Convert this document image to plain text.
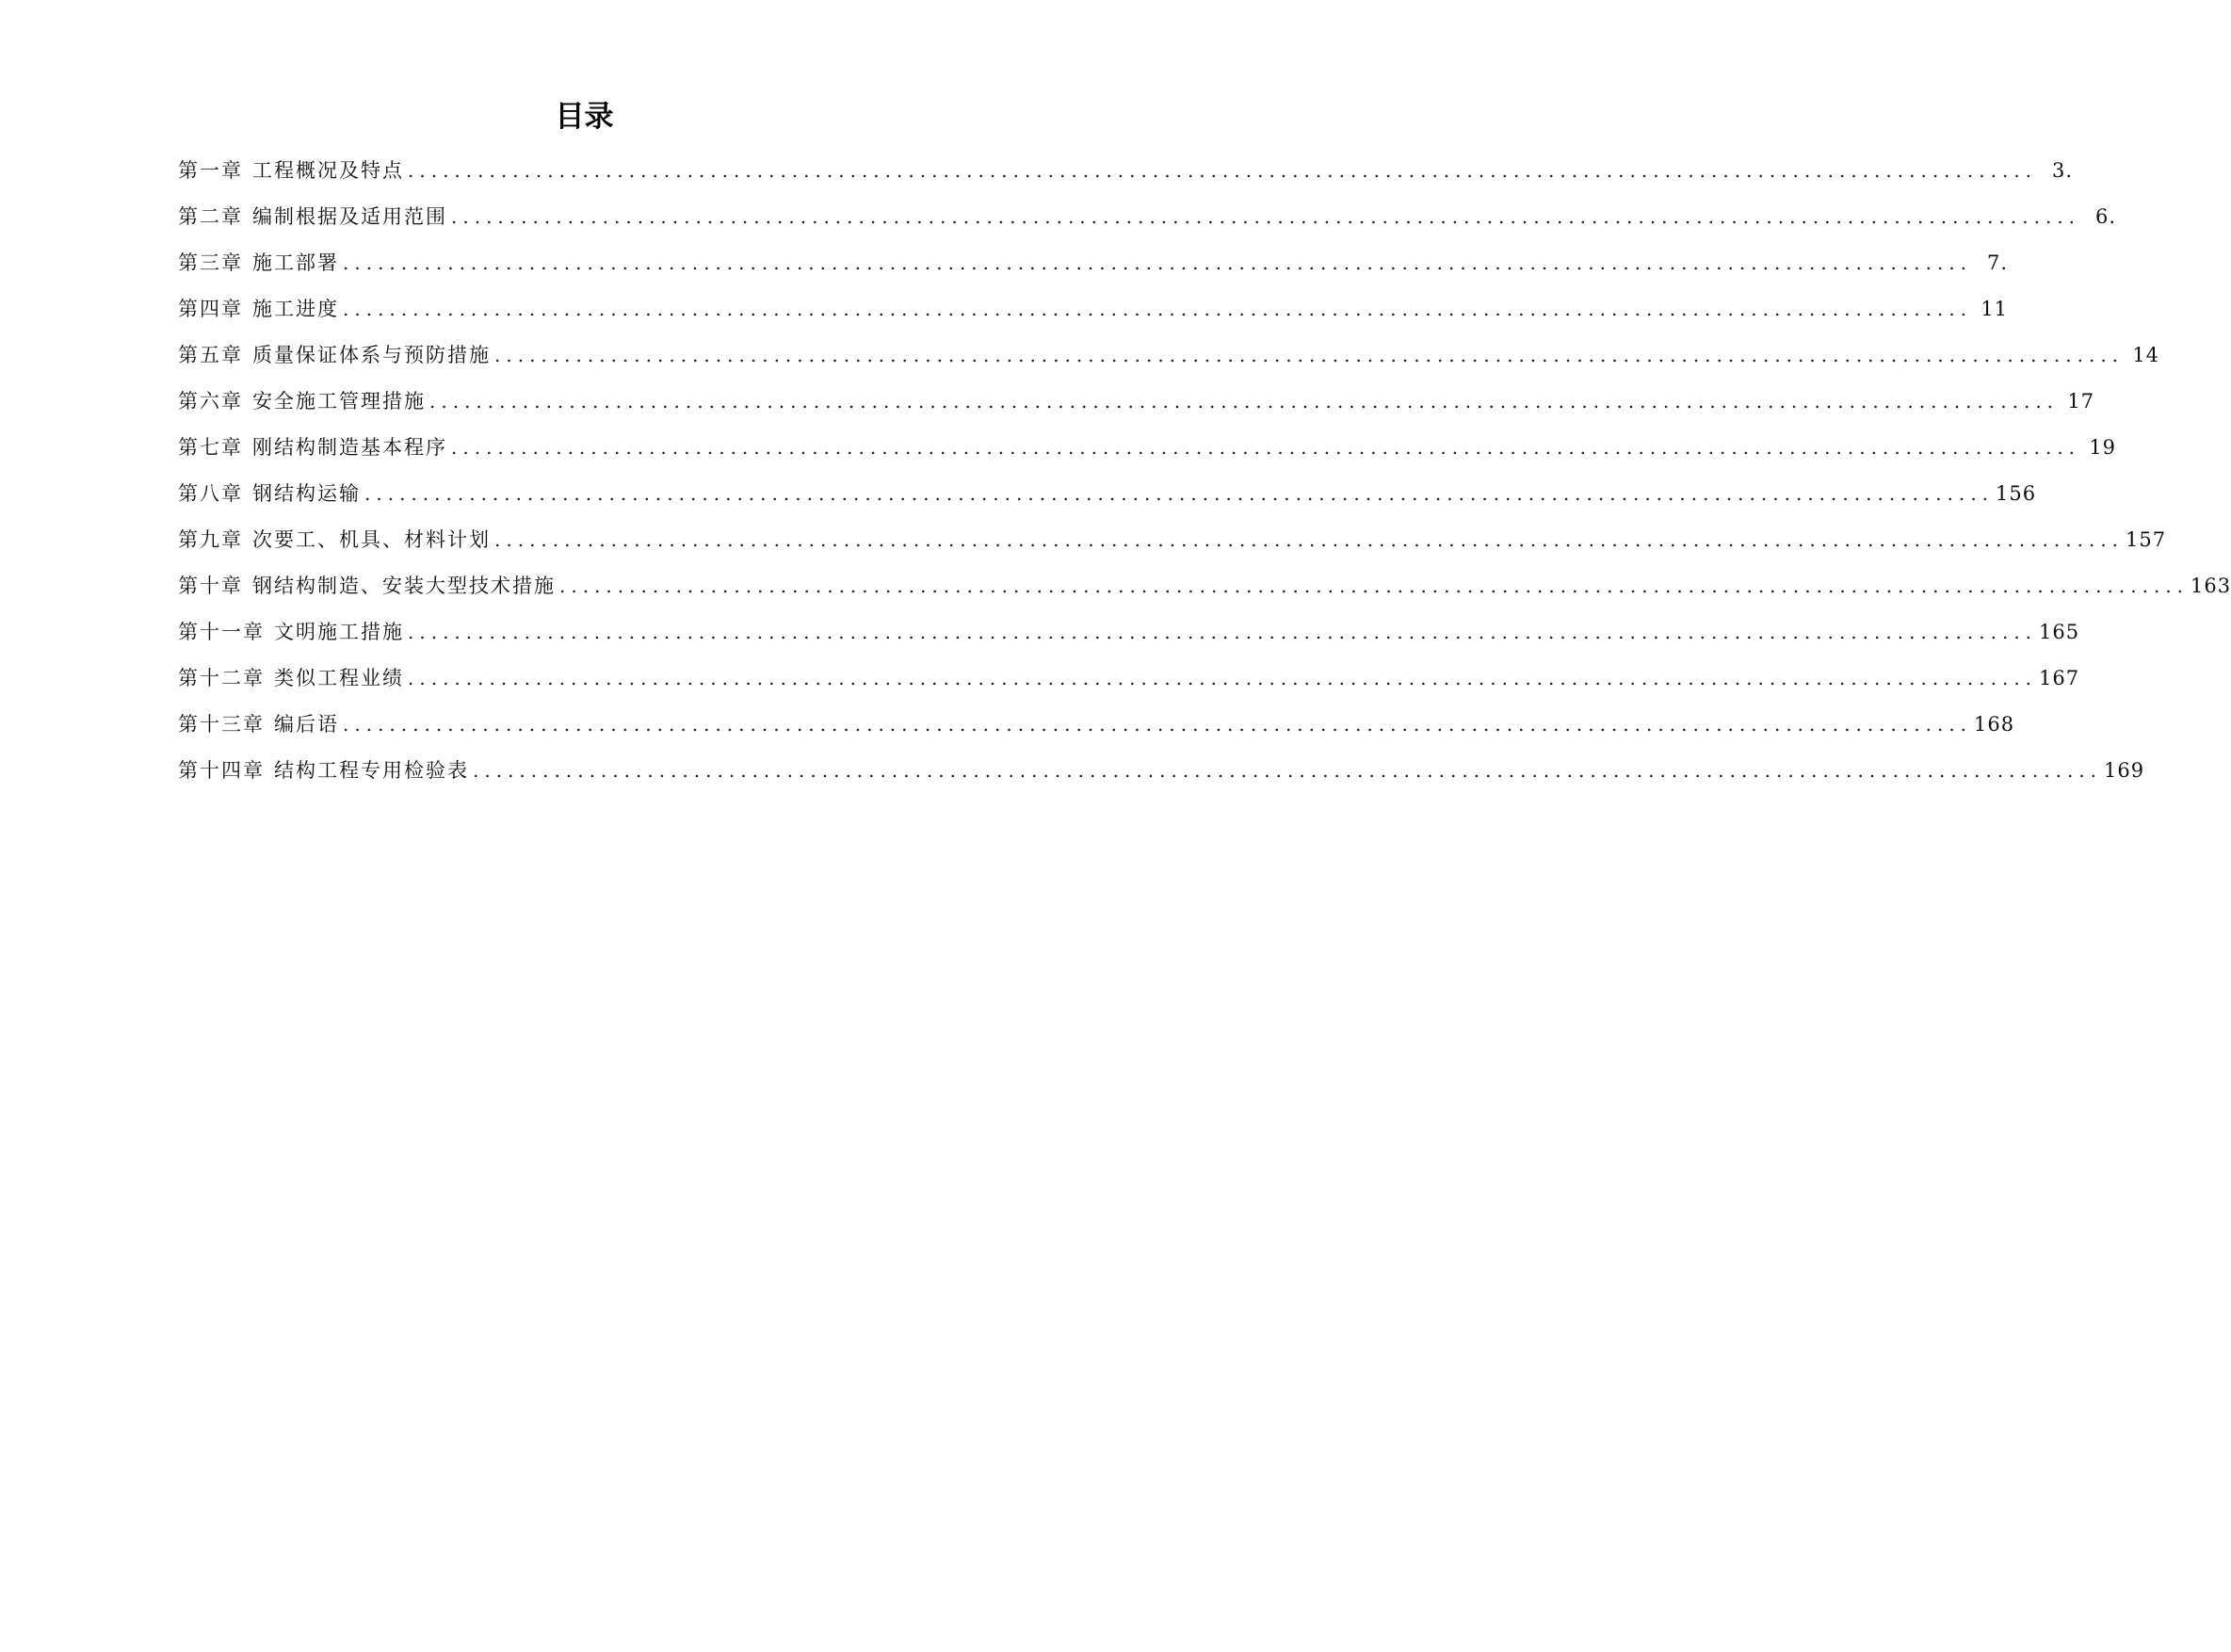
目录
第一章 工程概况及特点 ............................................................................................................................................ 3.
第二章 编制根据及适用范围 ............................................................................................................................................ 6.
第三章 施工部署 ............................................................................................................................................ 7.
第四章 施工进度 ............................................................................................................................................ 11
第五章 质量保证体系与预防措施 ............................................................................................................................................ 14
第六章 安全施工管理措施 ............................................................................................................................................ 17
第七章 刚结构制造基本程序 ............................................................................................................................................ 19
第八章 钢结构运输 ............................................................................................................................................ 156
第九章 次要工、机具、材料计划 ............................................................................................................................................ 157
第十章 钢结构制造、安装大型技术措施 ............................................................................................................................................ 163
第十一章 文明施工措施 ............................................................................................................................................ 165
第十二章 类似工程业绩 ............................................................................................................................................ 167
第十三章 编后语 ............................................................................................................................................ 168
第十四章 结构工程专用检验表 ............................................................................................................................................ 169
